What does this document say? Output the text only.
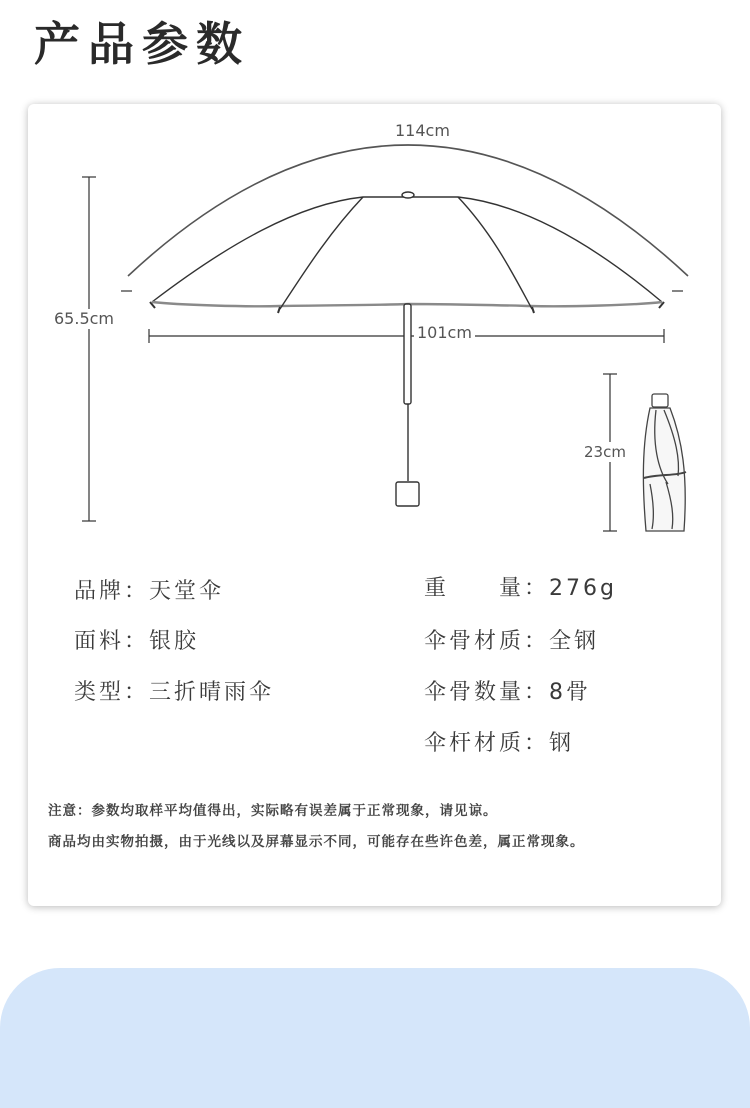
产品参数
114cm
65.5cm
101cm
23cm
品牌：天堂伞
面料：银胶
类型：三折晴雨伞
重　　量：276g
伞骨材质：全钢
伞骨数量：8骨
伞杆材质：钢
注意：参数均取样平均值得出，实际略有误差属于正常现象，请见谅。
商品均由实物拍摄，由于光线以及屏幕显示不同，可能存在些许色差，属正常现象。
